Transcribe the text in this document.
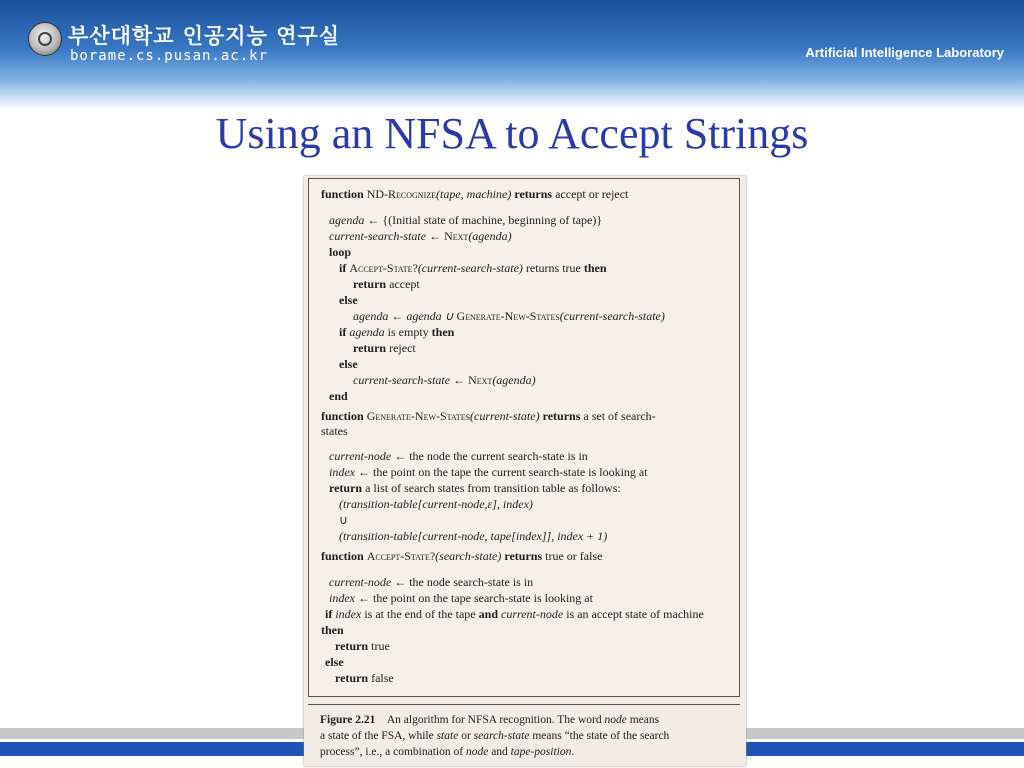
부산대학교 인공지능 연구실
borame.cs.pusan.ac.kr	Artificial Intelligence Laboratory
Using an NFSA to Accept Strings
function ND-Recognize(tape, machine) returns accept or reject
agenda ← {(Initial state of machine, beginning of tape)}
current-search-state ← Next(agenda)
loop
if Accept-State?(current-search-state) returns true then
return accept
else
agenda ← agenda ∪ Generate-New-States(current-search-state)
if agenda is empty then
return reject
else
current-search-state ← Next(agenda)
end
function Generate-New-States(current-state) returns a set of search-
states
current-node ← the node the current search-state is in
index ← the point on the tape the current search-state is looking at
return a list of search states from transition table as follows:
(transition-table[current-node,ε], index)
∪
(transition-table[current-node, tape[index]], index + 1)
function Accept-State?(search-state) returns true or false
current-node ← the node search-state is in
index ← the point on the tape search-state is looking at
if index is at the end of the tape and current-node is an accept state of machine
then
return true
else
return false
Figure 2.21 An algorithm for NFSA recognition. The word node means
a state of the FSA, while state or search-state means “the state of the search
process”, i.e., a combination of node and tape-position.
